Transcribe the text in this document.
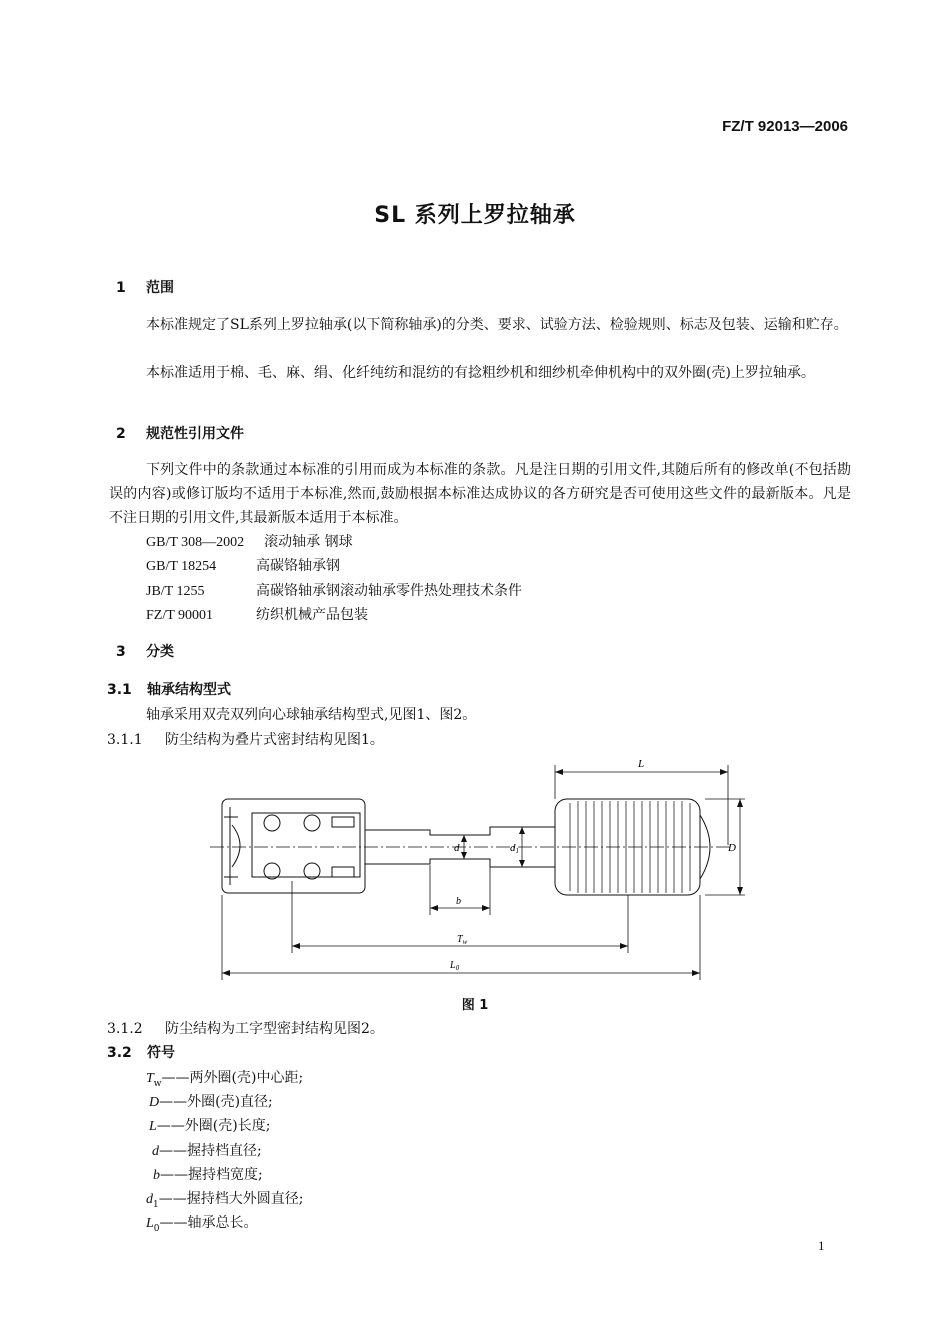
FZ/T 92013—2006
SL 系列上罗拉轴承
1 范围

本标准规定了SL系列上罗拉轴承(以下简称轴承)的分类、要求、试验方法、检验规则、标志及包装、运输和贮存。

本标准适用于棉、毛、麻、绢、化纤纯纺和混纺的有捻粗纱机和细纱机牵伸机构中的双外圈(壳)上罗拉轴承。

2 规范性引用文件

下列文件中的条款通过本标准的引用而成为本标准的条款。凡是注日期的引用文件,其随后所有的修改单(不包括勘误的内容)或修订版均不适用于本标准,然而,鼓励根据本标准达成协议的各方研究是否可使用这些文件的最新版本。凡是不注日期的引用文件,其最新版本适用于本标准。

GB/T 308—2002 滚动轴承 钢球
GB/T 18254	高碳铬轴承钢
JB/T 1255	高碳铬轴承钢滚动轴承零件热处理技术条件
FZ/T 90001	纺织机械产品包装
3 分类
3.1 轴承结构型式
轴承采用双壳双列向心球轴承结构型式,见图1、图2。
3.1.1 防尘结构为叠片式密封结构见图1。
L
D
d	d1
b
$T_w$
$L_0$
图 1
3.1.2 防尘结构为工字型密封结构见图2。
3.2 符号
$T_w——$两外圈(壳)中心距;
D——外圈(壳)直径;
L——外圈(壳)长度;
d——握持档直径;
b——握持档宽度;
$d_1——$握持档大外圆直径;
$L_0——$轴承总长。
1
